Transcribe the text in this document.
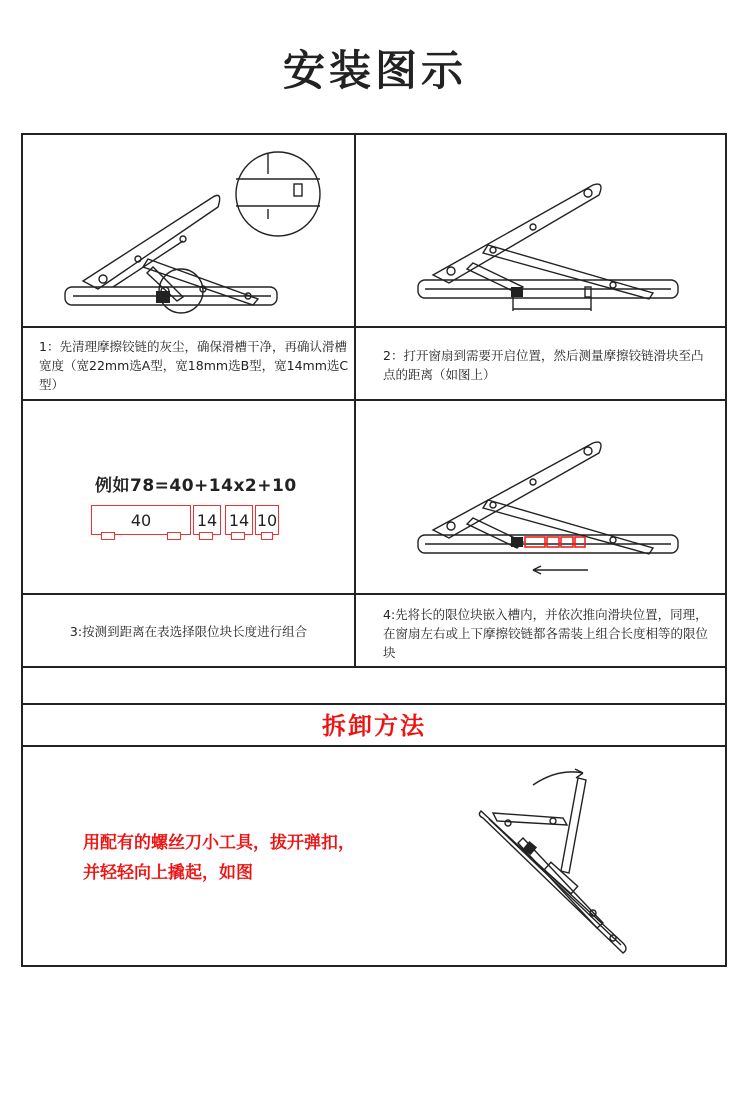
安装图示
1：先清理摩擦铰链的灰尘，确保滑槽干净，再确认滑槽宽度（宽22mm选A型，宽18mm选B型，宽14mm选C型）
2：打开窗扇到需要开启位置，然后测量摩擦铰链滑块至凸点的距离（如图上）
例如78=40+14x2+10
40	14 14 10
3:按测到距离在表选择限位块长度进行组合
4:先将长的限位块嵌入槽内，并依次推向滑块位置，同理，在窗扇左右或上下摩擦铰链都各需装上组合长度相等的限位块
拆卸方法
用配有的螺丝刀小工具，拔开弹扣，
并轻轻向上撬起，如图
